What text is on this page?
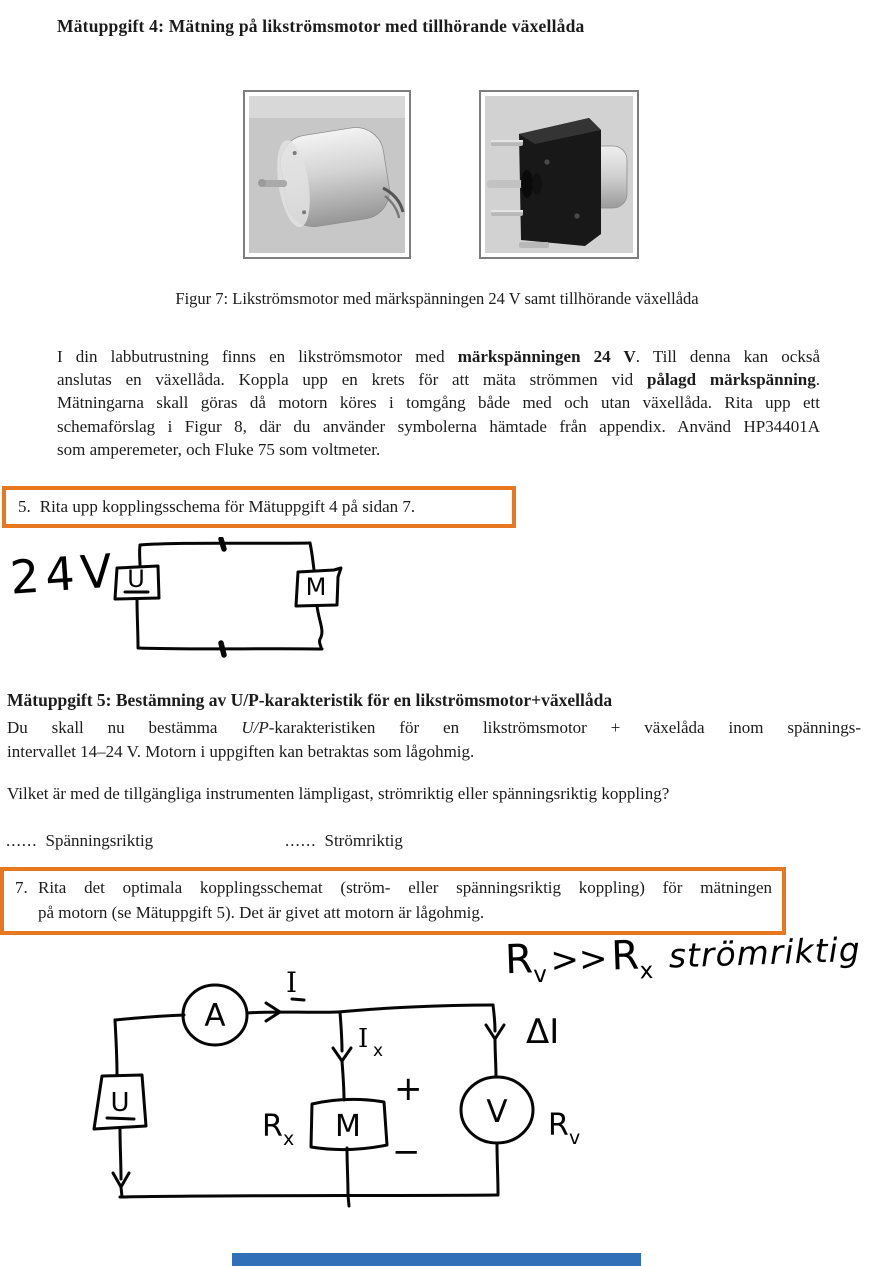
Mätuppgift 4: Mätning på likströmsmotor med tillhörande växellåda
Figur 7: Likströmsmotor med märkspänningen 24 V samt tillhörande växellåda
I din labbutrustning finns en likströmsmotor med märkspänningen 24 V. Till denna kan också
anslutas en växellåda. Koppla upp en krets för att mäta strömmen vid pålagd märkspänning.
Mätningarna skall göras då motorn köres i tomgång både med och utan växellåda. Rita upp ett
schemaförslag i Figur 8, där du använder symbolerna hämtade från appendix. Använd HP34401A
som amperemeter, och Fluke 75 som voltmeter.
5. Rita upp kopplingsschema för Mätuppgift 4 på sidan 7.
24V U	M
Mätuppgift 5: Bestämning av U/P-karakteristik för en likströmsmotor+växellåda
Du skall nu bestämma U/P-karakteristiken för en likströmsmotor + växelåda inom spännings-
intervallet 14–24 V. Motorn i uppgiften kan betraktas som lågohmig.
Vilket är med de tillgängliga instrumenten lämpligast, strömriktig eller spänningsriktig koppling?
...... Spänningsriktig	...... Strömriktig
7. Rita det optimala kopplingsschemat (ström- eller spänningsriktig koppling) för mätningen
på motorn (se Mätuppgift 5). Det är givet att motorn är lågohmig.
Rv>>Rx strömriktig
A
I
ΔI
V R v
I x
M
R x
+
−
U
